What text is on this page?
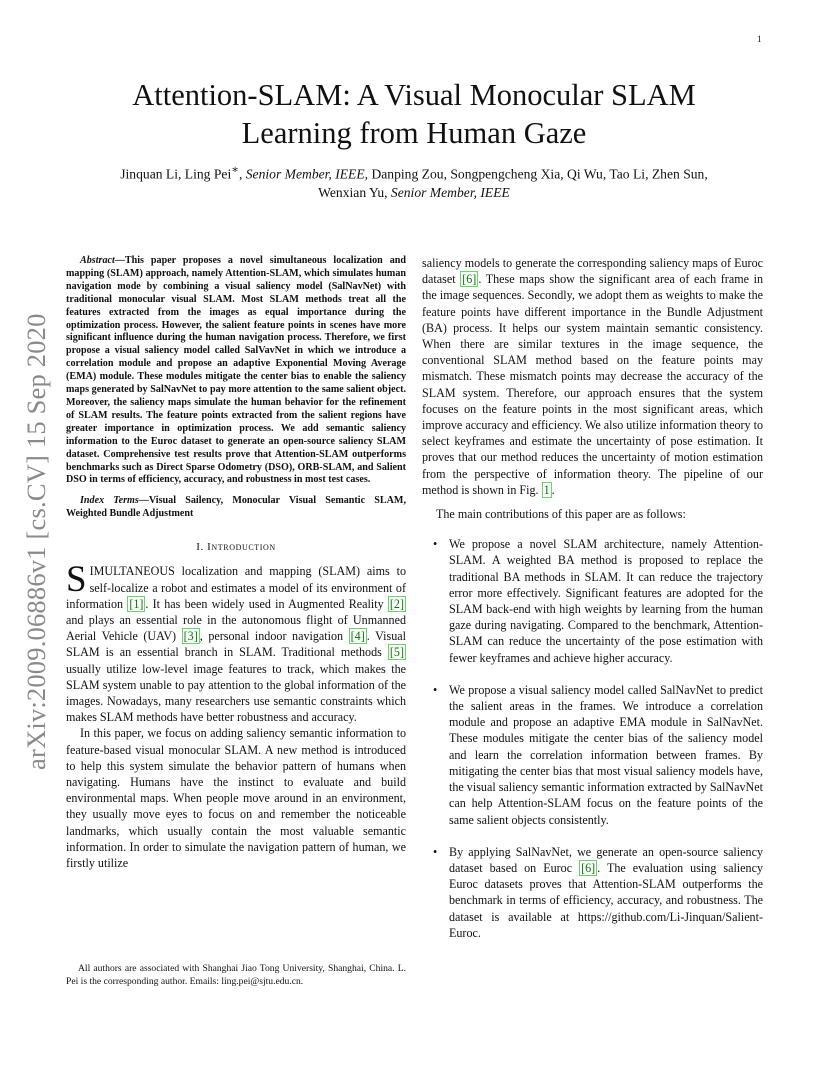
1
arXiv:2009.06886v1 [cs.CV] 15 Sep 2020
Attention-SLAM: A Visual Monocular SLAM
Learning from Human Gaze
Jinquan Li, Ling Pei∗, Senior Member, IEEE, Danping Zou, Songpengcheng Xia, Qi Wu, Tao Li, Zhen Sun,
Wenxian Yu, Senior Member, IEEE

Abstract—This paper proposes a novel simultaneous localization and mapping (SLAM) approach, namely Attention-SLAM, which simulates human navigation mode by combining a visual saliency model (SalNavNet) with traditional monocular visual SLAM. Most SLAM methods treat all the features extracted from the images as equal importance during the optimization process. However, the salient feature points in scenes have more significant influence during the human navigation process. Therefore, we first propose a visual saliency model called SalVavNet in which we introduce a correlation module and propose an adaptive Exponential Moving Average (EMA) module. These modules mitigate the center bias to enable the saliency maps generated by SalNavNet to pay more attention to the same salient object. Moreover, the saliency maps simulate the human behavior for the refinement of SLAM results. The feature points extracted from the salient regions have greater importance in optimization process. We add semantic saliency information to the Euroc dataset to generate an open-source saliency SLAM dataset. Comprehensive test results prove that Attention-SLAM outperforms benchmarks such as Direct Sparse Odometry (DSO), ORB-SLAM, and Salient DSO in terms of efficiency, accuracy, and robustness in most test cases.

Index Terms—Visual Sailency, Monocular Visual Semantic SLAM, Weighted Bundle Adjustment

I. Introduction

SIMULTANEOUS localization and mapping (SLAM) aims to self-localize a robot and estimates a model of its environment of information [1] . It has been widely used in Augmented Reality [2] and plays an essential role in the autonomous flight of Unmanned Aerial Vehicle (UAV) [3] , personal indoor navigation [4] . Visual SLAM is an essential branch in SLAM. Traditional methods [5] usually utilize low-level image features to track, which makes the SLAM system unable to pay attention to the global information of the images. Nowadays, many researchers use semantic constraints which makes SLAM methods have better robustness and accuracy.

In this paper, we focus on adding saliency semantic information to feature-based visual monocular SLAM. A new method is introduced to help this system simulate the behavior pattern of humans when navigating. Humans have the instinct to evaluate and build environmental maps. When people move around in an environment, they usually move eyes to focus on and remember the noticeable landmarks, which usually contain the most valuable semantic information. In order to simulate the navigation pattern of human, we firstly utilize

All authors are associated with Shanghai Jiao Tong University, Shanghai, China. L. Pei is the corresponding author. Emails: ling.pei@sjtu.edu.cn.

saliency models to generate the corresponding saliency maps of Euroc dataset [6] . These maps show the significant area of each frame in the image sequences. Secondly, we adopt them as weights to make the feature points have different importance in the Bundle Adjustment (BA) process. It helps our system maintain semantic consistency. When there are similar textures in the image sequence, the conventional SLAM method based on the feature points may mismatch. These mismatch points may decrease the accuracy of the SLAM system. Therefore, our approach ensures that the system focuses on the feature points in the most significant areas, which improve accuracy and efficiency. We also utilize information theory to select keyframes and estimate the uncertainty of pose estimation. It proves that our method reduces the uncertainty of motion estimation from the perspective of information theory. The pipeline of our method is shown in Fig. 1 .

The main contributions of this paper are as follows:

• We propose a novel SLAM architecture, namely Attention-SLAM. A weighted BA method is proposed to replace the traditional BA methods in SLAM. It can reduce the trajectory error more effectively. Significant features are adopted for the SLAM back-end with high weights by learning from the human gaze during navigating. Compared to the benchmark, Attention-SLAM can reduce the uncertainty of the pose estimation with fewer keyframes and achieve higher accuracy.
• We propose a visual saliency model called SalNavNet to predict the salient areas in the frames. We introduce a correlation module and propose an adaptive EMA module in SalNavNet. These modules mitigate the center bias of the saliency model and learn the correlation information between frames. By mitigating the center bias that most visual saliency models have, the visual saliency semantic information extracted by SalNavNet can help Attention-SLAM focus on the feature points of the same salient objects consistently.
• By applying SalNavNet, we generate an open-source saliency dataset based on Euroc [6] . The evaluation using saliency Euroc datasets proves that Attention-SLAM outperforms the benchmark in terms of efficiency, accuracy, and robustness. The dataset is available at https://github.com/Li-Jinquan/Salient-Euroc.
